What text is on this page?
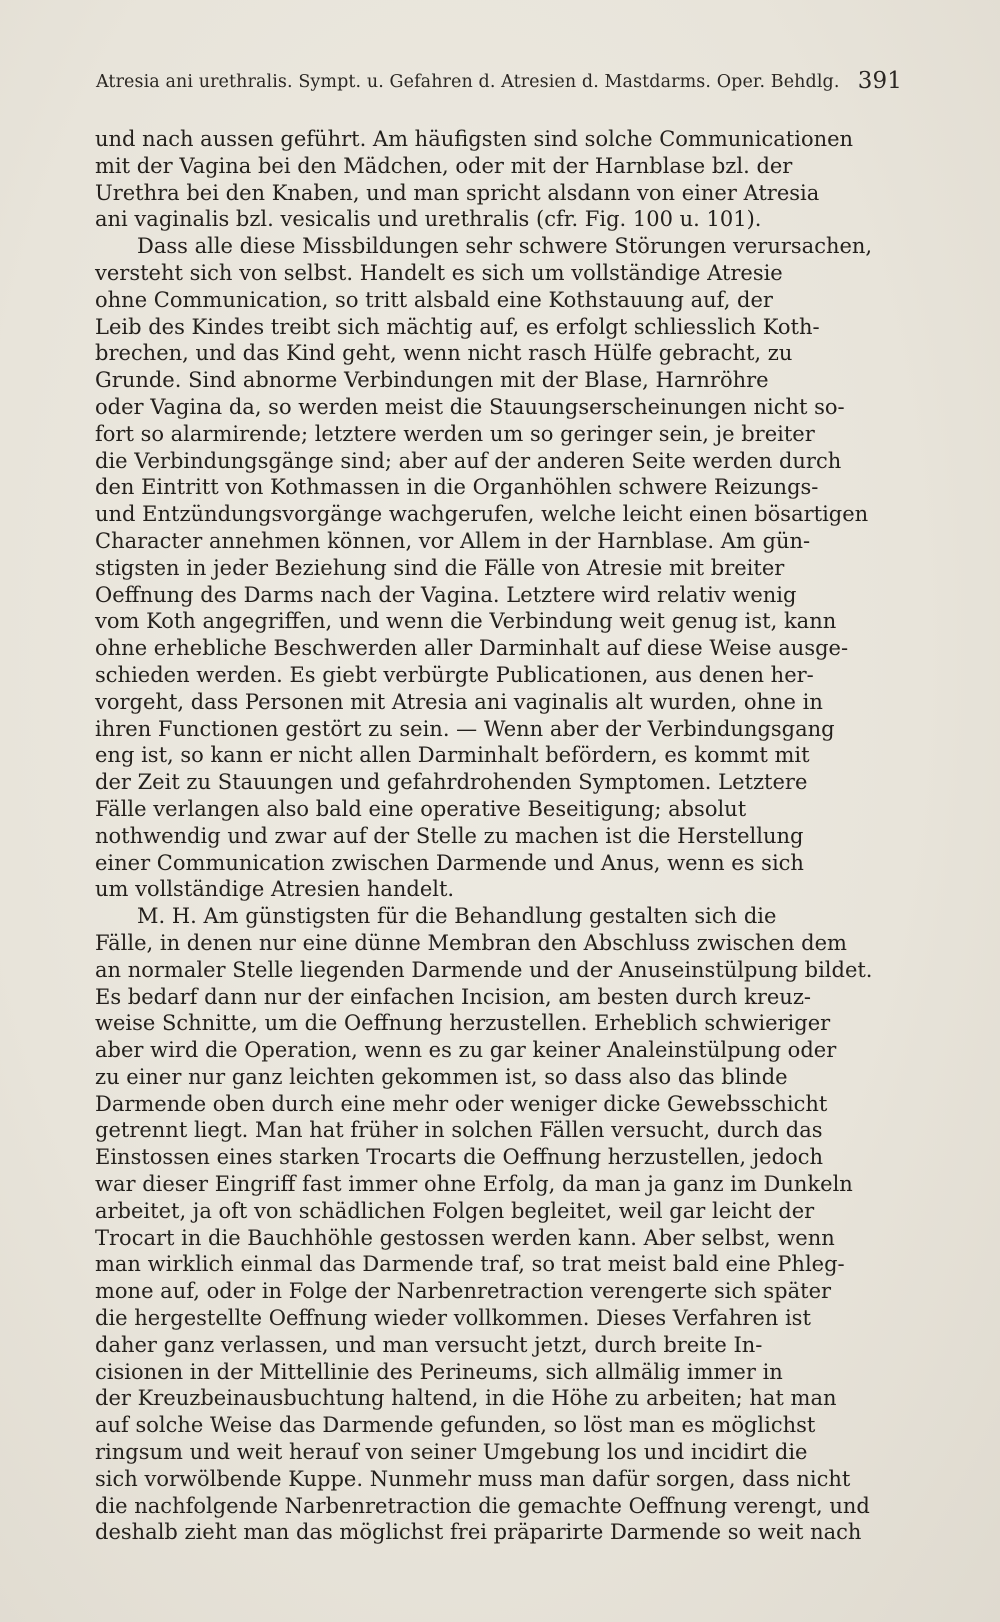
Atresia ani urethralis. Sympt. u. Gefahren d. Atresien d. Mastdarms. Oper. Behdlg. 391
und nach aussen geführt. Am häufigsten sind solche Communicationen
mit der Vagina bei den Mädchen, oder mit der Harnblase bzl. der
Urethra bei den Knaben, und man spricht alsdann von einer Atresia
ani vaginalis bzl. vesicalis und urethralis (cfr. Fig. 100 u. 101).
Dass alle diese Missbildungen sehr schwere Störungen verursachen,
versteht sich von selbst. Handelt es sich um vollständige Atresie
ohne Communication, so tritt alsbald eine Kothstauung auf, der
Leib des Kindes treibt sich mächtig auf, es erfolgt schliesslich Koth-
brechen, und das Kind geht, wenn nicht rasch Hülfe gebracht, zu
Grunde. Sind abnorme Verbindungen mit der Blase, Harnröhre
oder Vagina da, so werden meist die Stauungserscheinungen nicht so-
fort so alarmirende; letztere werden um so geringer sein, je breiter
die Verbindungsgänge sind; aber auf der anderen Seite werden durch
den Eintritt von Kothmassen in die Organhöhlen schwere Reizungs-
und Entzündungsvorgänge wachgerufen, welche leicht einen bösartigen
Character annehmen können, vor Allem in der Harnblase. Am gün-
stigsten in jeder Beziehung sind die Fälle von Atresie mit breiter
Oeffnung des Darms nach der Vagina. Letztere wird relativ wenig
vom Koth angegriffen, und wenn die Verbindung weit genug ist, kann
ohne erhebliche Beschwerden aller Darminhalt auf diese Weise ausge-
schieden werden. Es giebt verbürgte Publicationen, aus denen her-
vorgeht, dass Personen mit Atresia ani vaginalis alt wurden, ohne in
ihren Functionen gestört zu sein. — Wenn aber der Verbindungsgang
eng ist, so kann er nicht allen Darminhalt befördern, es kommt mit
der Zeit zu Stauungen und gefahrdrohenden Symptomen. Letztere
Fälle verlangen also bald eine operative Beseitigung; absolut
nothwendig und zwar auf der Stelle zu machen ist die Herstellung
einer Communication zwischen Darmende und Anus, wenn es sich
um vollständige Atresien handelt.
M. H. Am günstigsten für die Behandlung gestalten sich die
Fälle, in denen nur eine dünne Membran den Abschluss zwischen dem
an normaler Stelle liegenden Darmende und der Anuseinstülpung bildet.
Es bedarf dann nur der einfachen Incision, am besten durch kreuz-
weise Schnitte, um die Oeffnung herzustellen. Erheblich schwieriger
aber wird die Operation, wenn es zu gar keiner Analeinstülpung oder
zu einer nur ganz leichten gekommen ist, so dass also das blinde
Darmende oben durch eine mehr oder weniger dicke Gewebsschicht
getrennt liegt. Man hat früher in solchen Fällen versucht, durch das
Einstossen eines starken Trocarts die Oeffnung herzustellen, jedoch
war dieser Eingriff fast immer ohne Erfolg, da man ja ganz im Dunkeln
arbeitet, ja oft von schädlichen Folgen begleitet, weil gar leicht der
Trocart in die Bauchhöhle gestossen werden kann. Aber selbst, wenn
man wirklich einmal das Darmende traf, so trat meist bald eine Phleg-
mone auf, oder in Folge der Narbenretraction verengerte sich später
die hergestellte Oeffnung wieder vollkommen. Dieses Verfahren ist
daher ganz verlassen, und man versucht jetzt, durch breite In-
cisionen in der Mittellinie des Perineums, sich allmälig immer in
der Kreuzbeinausbuchtung haltend, in die Höhe zu arbeiten; hat man
auf solche Weise das Darmende gefunden, so löst man es möglichst
ringsum und weit herauf von seiner Umgebung los und incidirt die
sich vorwölbende Kuppe. Nunmehr muss man dafür sorgen, dass nicht
die nachfolgende Narbenretraction die gemachte Oeffnung verengt, und
deshalb zieht man das möglichst frei präparirte Darmende so weit nach
